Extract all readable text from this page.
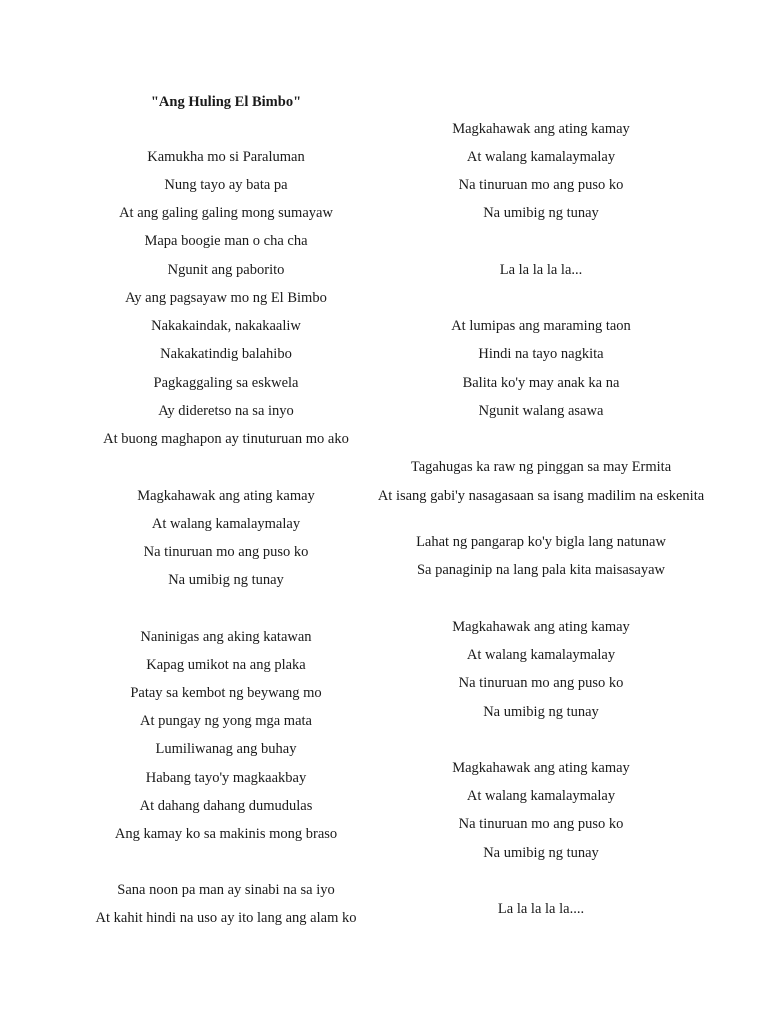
"Ang Huling El Bimbo"
Kamukha mo si Paraluman
Nung tayo ay bata pa
At ang galing galing mong sumayaw
Mapa boogie man o cha cha
Ngunit ang paborito
Ay ang pagsayaw mo ng El Bimbo
Nakakaindak, nakakaaliw
Nakakatindig balahibo
Pagkaggaling sa eskwela
Ay dideretso na sa inyo
At buong maghapon ay tinuturuan mo ako
Magkahawak ang ating kamay
At walang kamalaymalay
Na tinuruan mo ang puso ko
Na umibig ng tunay
Naninigas ang aking katawan
Kapag umikot na ang plaka
Patay sa kembot ng beywang mo
At pungay ng yong mga mata
Lumiliwanag ang buhay
Habang tayo'y magkaakbay
At dahang dahang dumudulas
Ang kamay ko sa makinis mong braso
Sana noon pa man ay sinabi na sa iyo
At kahit hindi na uso ay ito lang ang alam ko
Magkahawak ang ating kamay
At walang kamalaymalay
Na tinuruan mo ang puso ko
Na umibig ng tunay
La la la la la...
At lumipas ang maraming taon
Hindi na tayo nagkita
Balita ko'y may anak ka na
Ngunit walang asawa
Tagahugas ka raw ng pinggan sa may Ermita
At isang gabi'y nasagasaan sa isang madilim na eskenita
Lahat ng pangarap ko'y bigla lang natunaw
Sa panaginip na lang pala kita maisasayaw
Magkahawak ang ating kamay
At walang kamalaymalay
Na tinuruan mo ang puso ko
Na umibig ng tunay
Magkahawak ang ating kamay
At walang kamalaymalay
Na tinuruan mo ang puso ko
Na umibig ng tunay
La la la la la....
